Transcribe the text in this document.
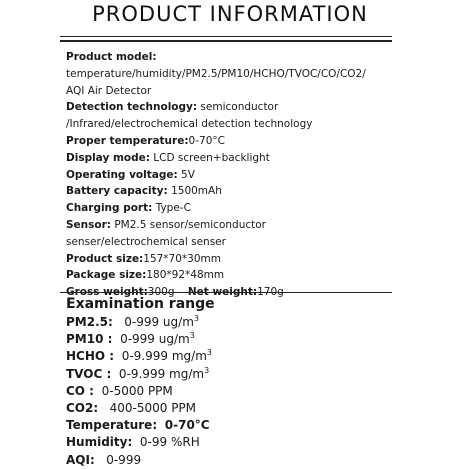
PRODUCT INFORMATION
Product model:
temperature/humidity/PM2.5/PM10/HCHO/TVOC/CO/CO2/
AQI Air Detector
Detection technology: semiconductor
/Infrared/electrochemical detection technology
Proper temperature:0-70°C
Display mode: LCD screen+backlight
Operating voltage: 5V
Battery capacity: 1500mAh
Charging port: Type-C
Sensor: PM2.5 sensor/semiconductor
senser/electrochemical senser
Product size:157*70*30mm
Package size:180*92*48mm
Gross weight:300g Net weight:170g
Examination range
PM2.5: 0-999 $ug/m^3$
PM10 : 0-999 $ug/m^3$
HCHO : 0-9.999 $mg/m^3$
TVOC : 0-9.999 $mg/m^3$
CO : 0-5000 PPM
CO2: 400-5000 PPM
Temperature: 0-70°C
Humidity: 0-99 %RH
AQI: 0-999
